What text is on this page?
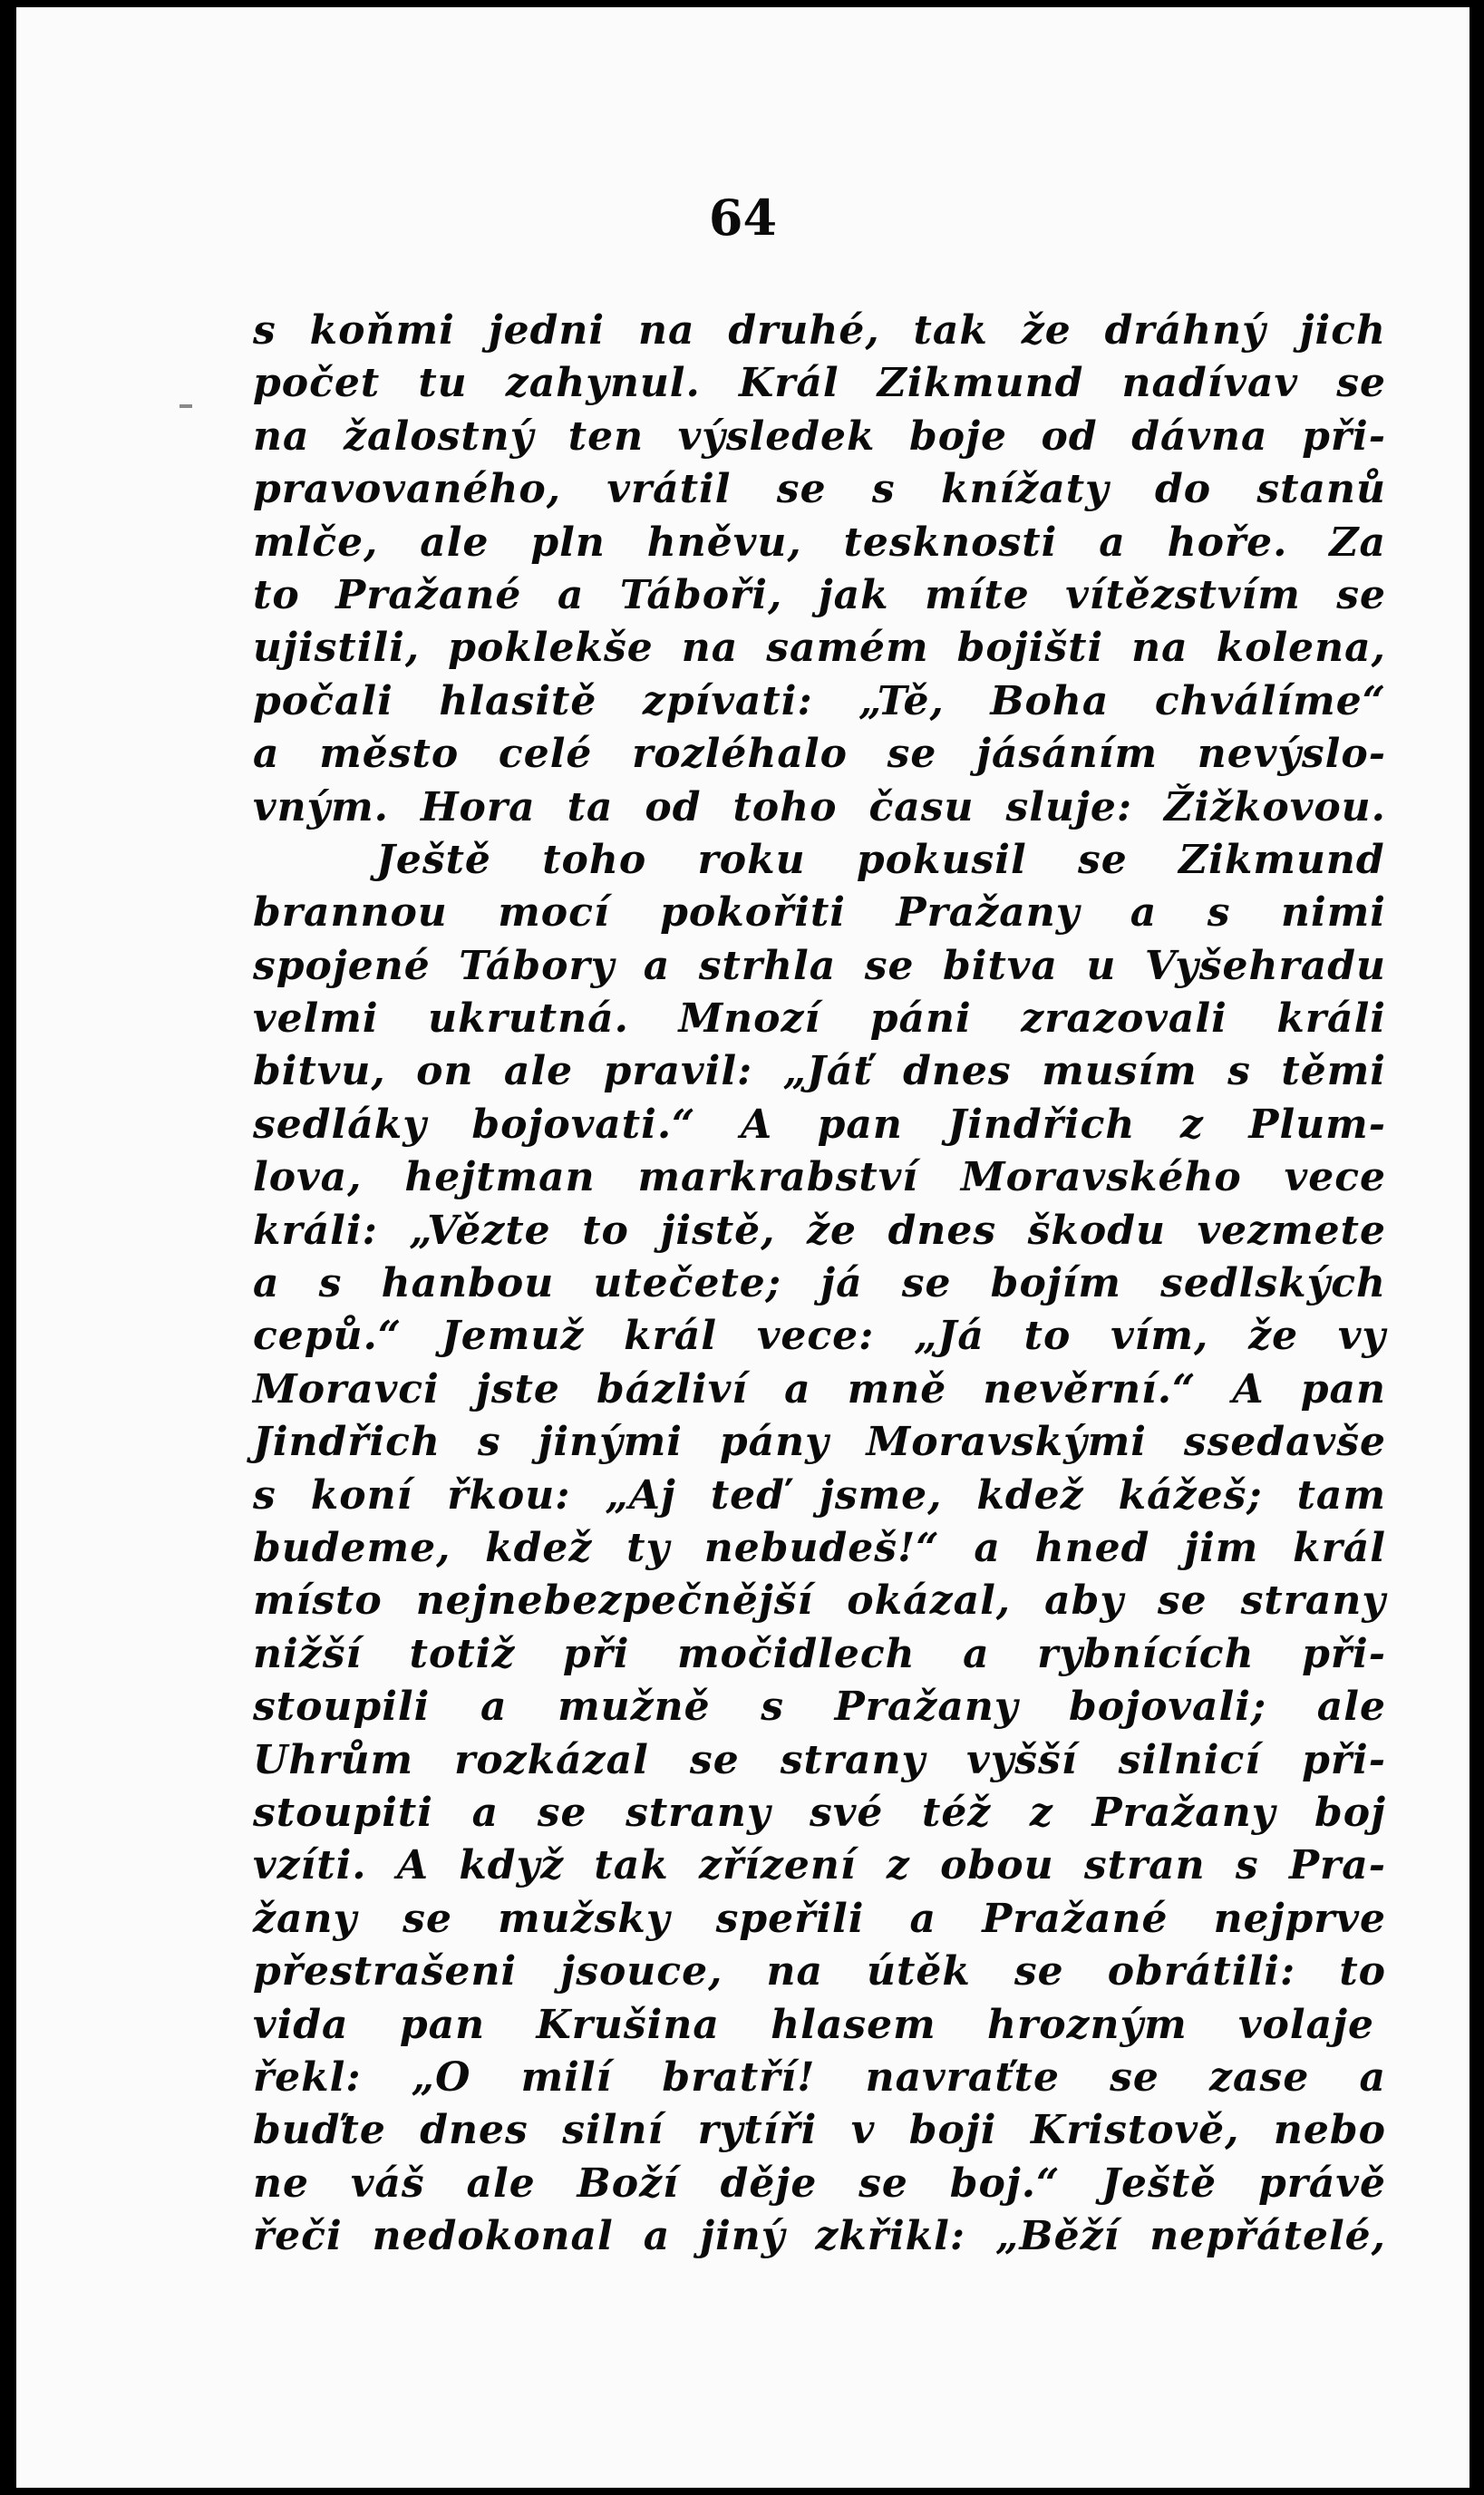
64
s koňmi jedni na druhé, tak že dráhný jich
počet tu zahynul. Král Zikmund nadívav se
na žalostný ten výsledek boje od dávna při-
pravovaného, vrátil se s knížaty do stanů
mlče, ale pln hněvu, tesknosti a hoře. Za
to Pražané a Táboři, jak míte vítězstvím se
ujistili, poklekše na samém bojišti na kolena,
počali hlasitě zpívati: „Tě, Boha chválíme“
a město celé rozléhalo se jásáním nevýslo-
vným. Hora ta od toho času sluje: Žižkovou.
Ještě toho roku pokusil se Zikmund
brannou mocí pokořiti Pražany a s nimi
spojené Tábory a strhla se bitva u Vyšehradu
velmi ukrutná. Mnozí páni zrazovali králi
bitvu, on ale pravil: „Jáť dnes musím s těmi
sedláky bojovati.“ A pan Jindřich z Plum-
lova, hejtman markrabství Moravského vece
králi: „Vězte to jistě, že dnes škodu vezmete
a s hanbou utečete; já se bojím sedlských
cepů.“ Jemuž král vece: „Já to vím, že vy
Moravci jste bázliví a mně nevěrní.“ A pan
Jindřich s jinými pány Moravskými ssedavše
s koní řkou: „Aj teď jsme, kdež kážeš; tam
budeme, kdež ty nebudeš!“ a hned jim král
místo nejnebezpečnější okázal, aby se strany
nižší totiž při močidlech a rybnících při-
stoupili a mužně s Pražany bojovali; ale
Uhrům rozkázal se strany vyšší silnicí při-
stoupiti a se strany své též z Pražany boj
vzíti. A když tak zřízení z obou stran s Pra-
žany se mužsky speřili a Pražané nejprve
přestrašeni jsouce, na útěk se obrátili: to
vida pan Krušina hlasem hrozným volaje
řekl: „O milí bratří! navraťte se zase a
buďte dnes silní rytíři v boji Kristově, nebo
ne váš ale Boží děje se boj.“ Ještě právě
řeči nedokonal a jiný zkřikl: „Běží nepřátelé,
